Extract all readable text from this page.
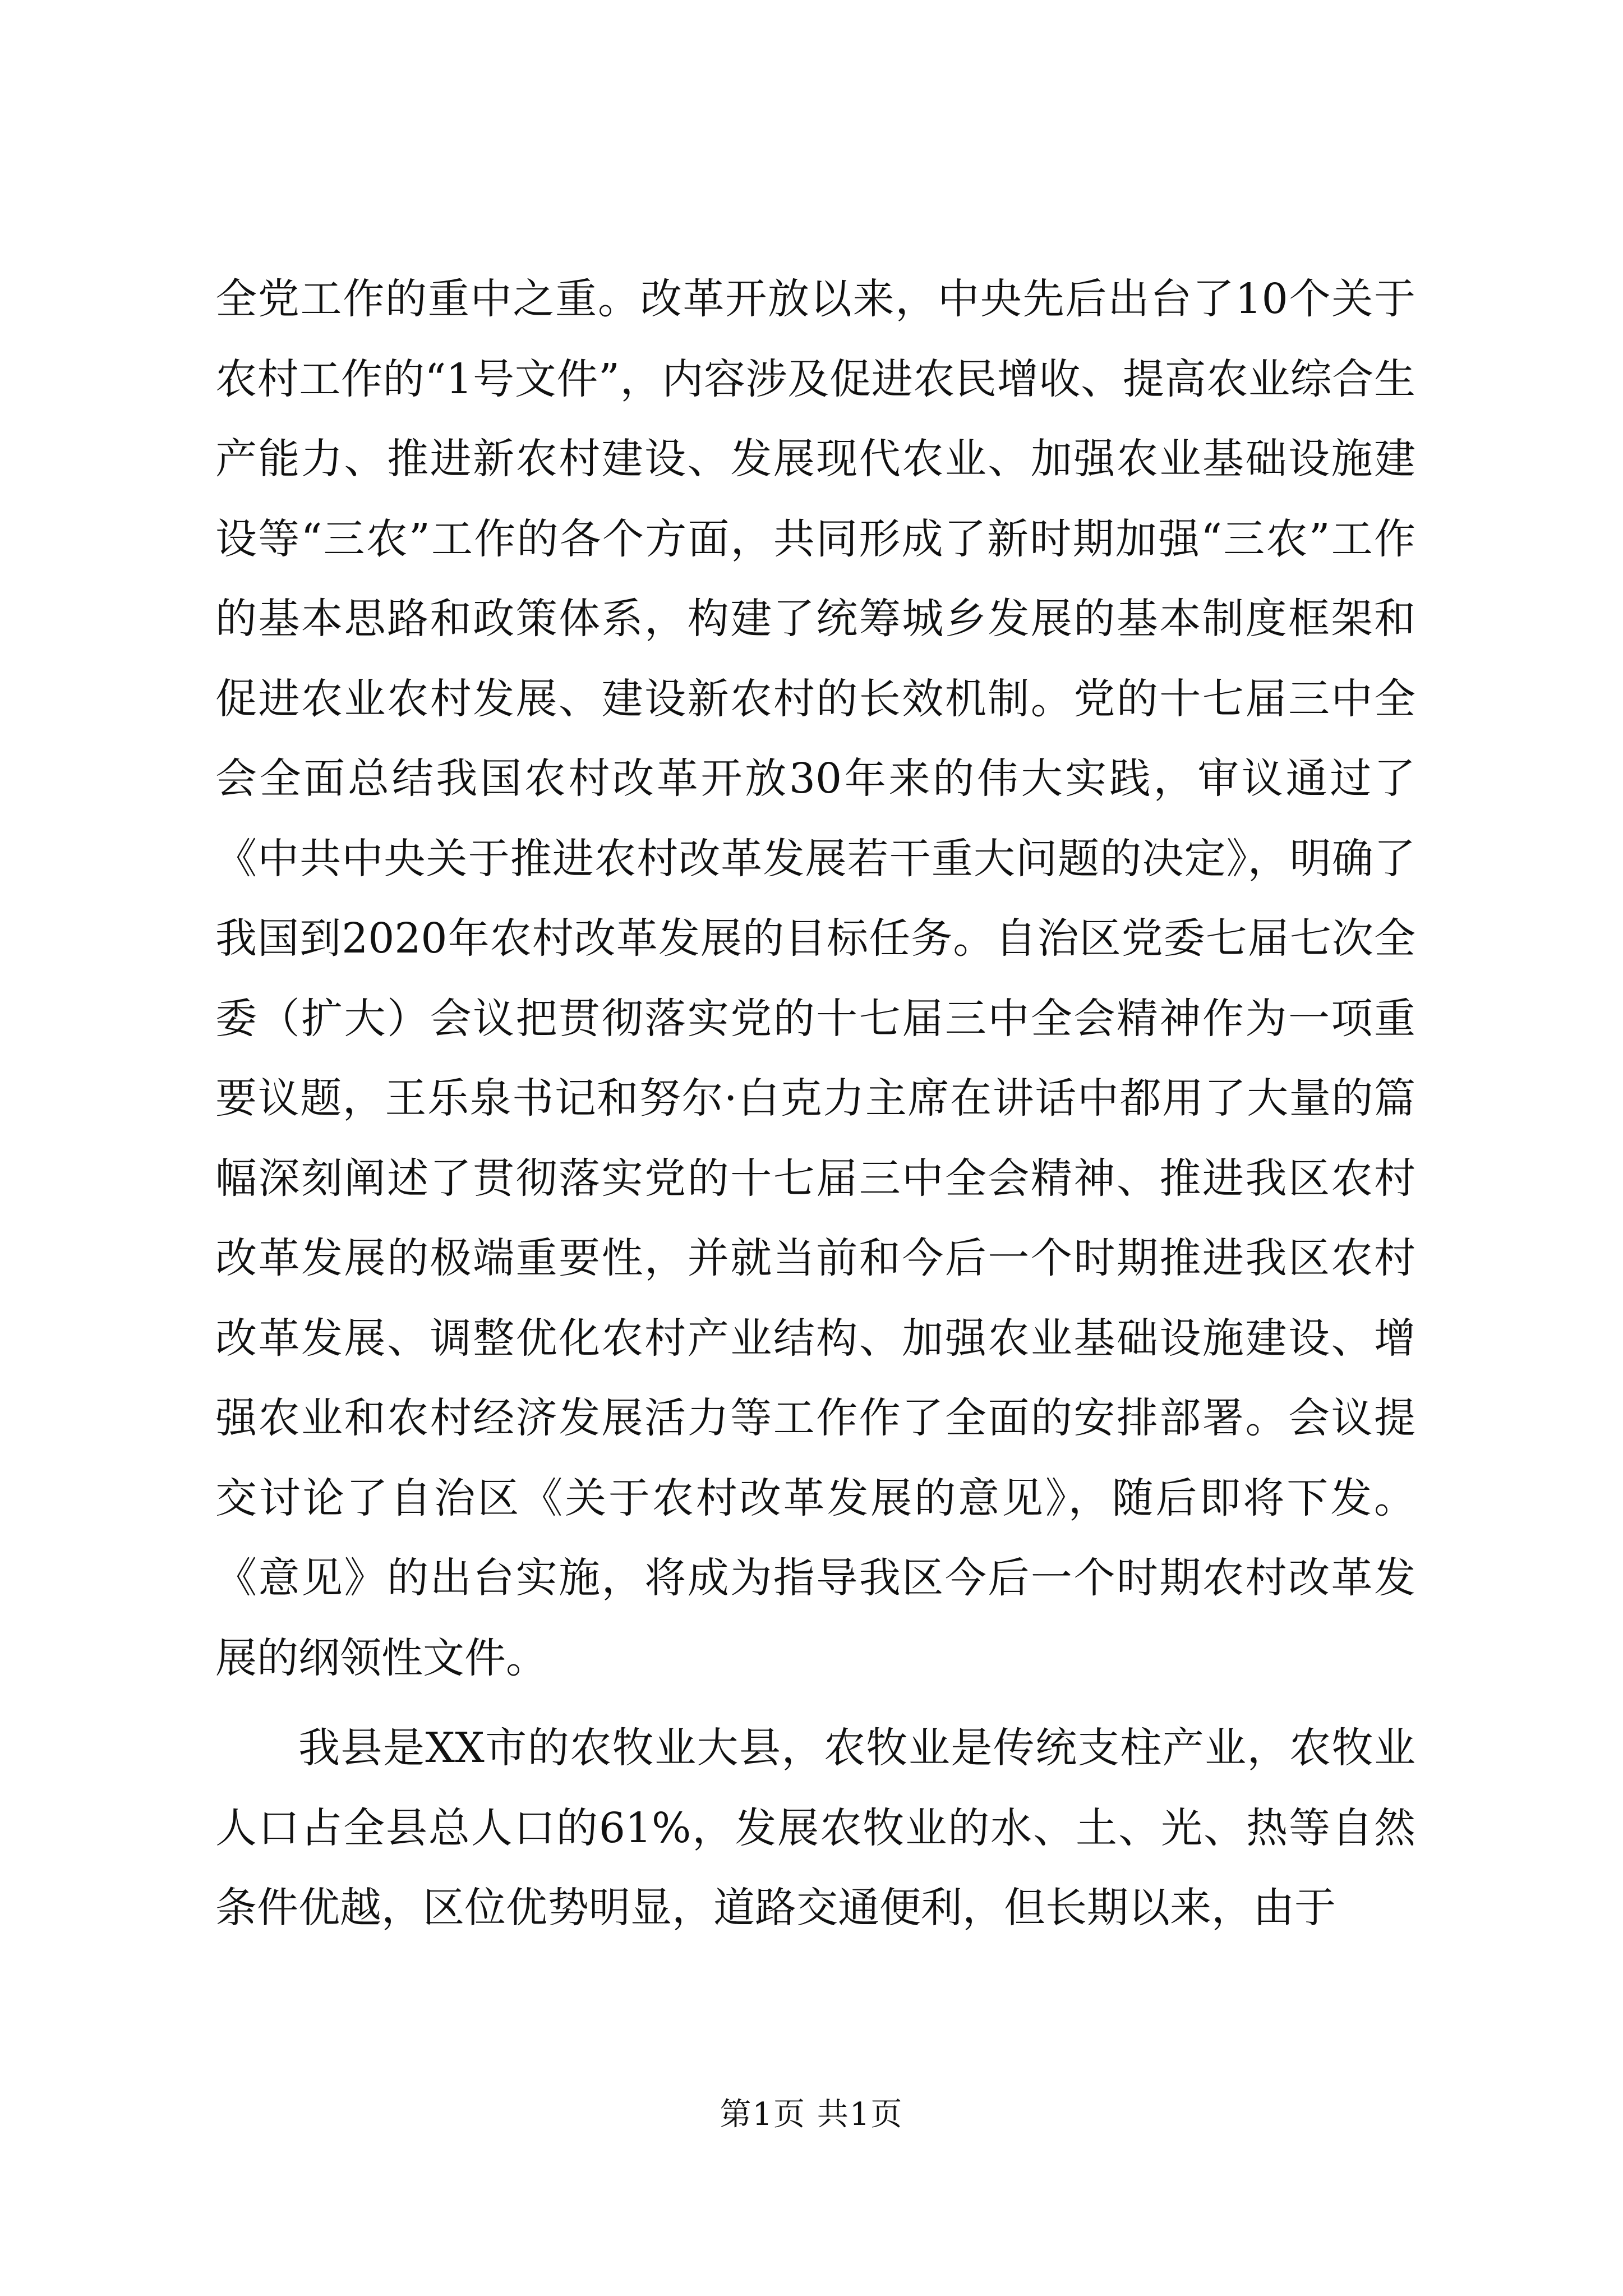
全党工作的重中之重。改革开放以来，中央先后出台了10个关于农村工作的“1号文件”，内容涉及促进农民增收、提高农业综合生产能力、推进新农村建设、发展现代农业、加强农业基础设施建设等“三农”工作的各个方面，共同形成了新时期加强“三农”工作的基本思路和政策体系，构建了统筹城乡发展的基本制度框架和促进农业农村发展、建设新农村的长效机制。党的十七届三中全会全面总结我国农村改革开放30年来的伟大实践，审议通过了《中共中央关于推进农村改革发展若干重大问题的决定》，明确了我国到2020年农村改革发展的目标任务。自治区党委七届七次全委（扩大）会议把贯彻落实党的十七届三中全会精神作为一项重要议题，王乐泉书记和努尔·白克力主席在讲话中都用了大量的篇幅深刻阐述了贯彻落实党的十七届三中全会精神、推进我区农村改革发展的极端重要性，并就当前和今后一个时期推进我区农村改革发展、调整优化农村产业结构、加强农业基础设施建设、增强农业和农村经济发展活力等工作作了全面的安排部署。会议提交讨论了自治区《关于农村改革发展的意见》，随后即将下发。《意见》的出台实施，将成为指导我区今后一个时期农村改革发展的纲领性文件。

我县是XX市的农牧业大县，农牧业是传统支柱产业，农牧业人口占全县总人口的61%，发展农牧业的水、土、光、热等自然条件优越，区位优势明显，道路交通便利，但长期以来，由于

第1页 共1页
